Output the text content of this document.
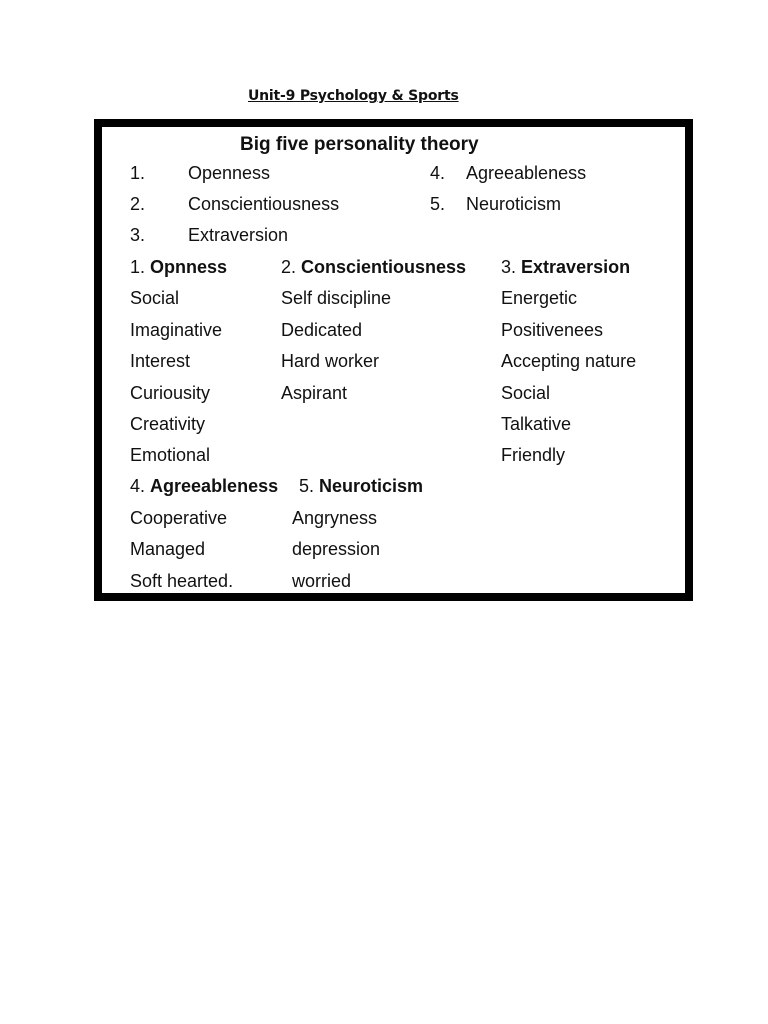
Unit-9 Psychology & Sports
Big five personality theory
1. Openness
2. Conscientiousness
3. Extraversion
4. Agreeableness
5. Neuroticism
1. Opnness
Social
Imaginative
Interest
Curiousity
Creativity
Emotional
2. Conscientiousness
Self discipline
Dedicated
Hard worker
Aspirant
3. Extraversion
Energetic
Positivenees
Accepting nature
Social
Talkative
Friendly
4. Agreeableness
Cooperative
Managed
Soft hearted.
5. Neuroticism
Angryness
depression
worried
